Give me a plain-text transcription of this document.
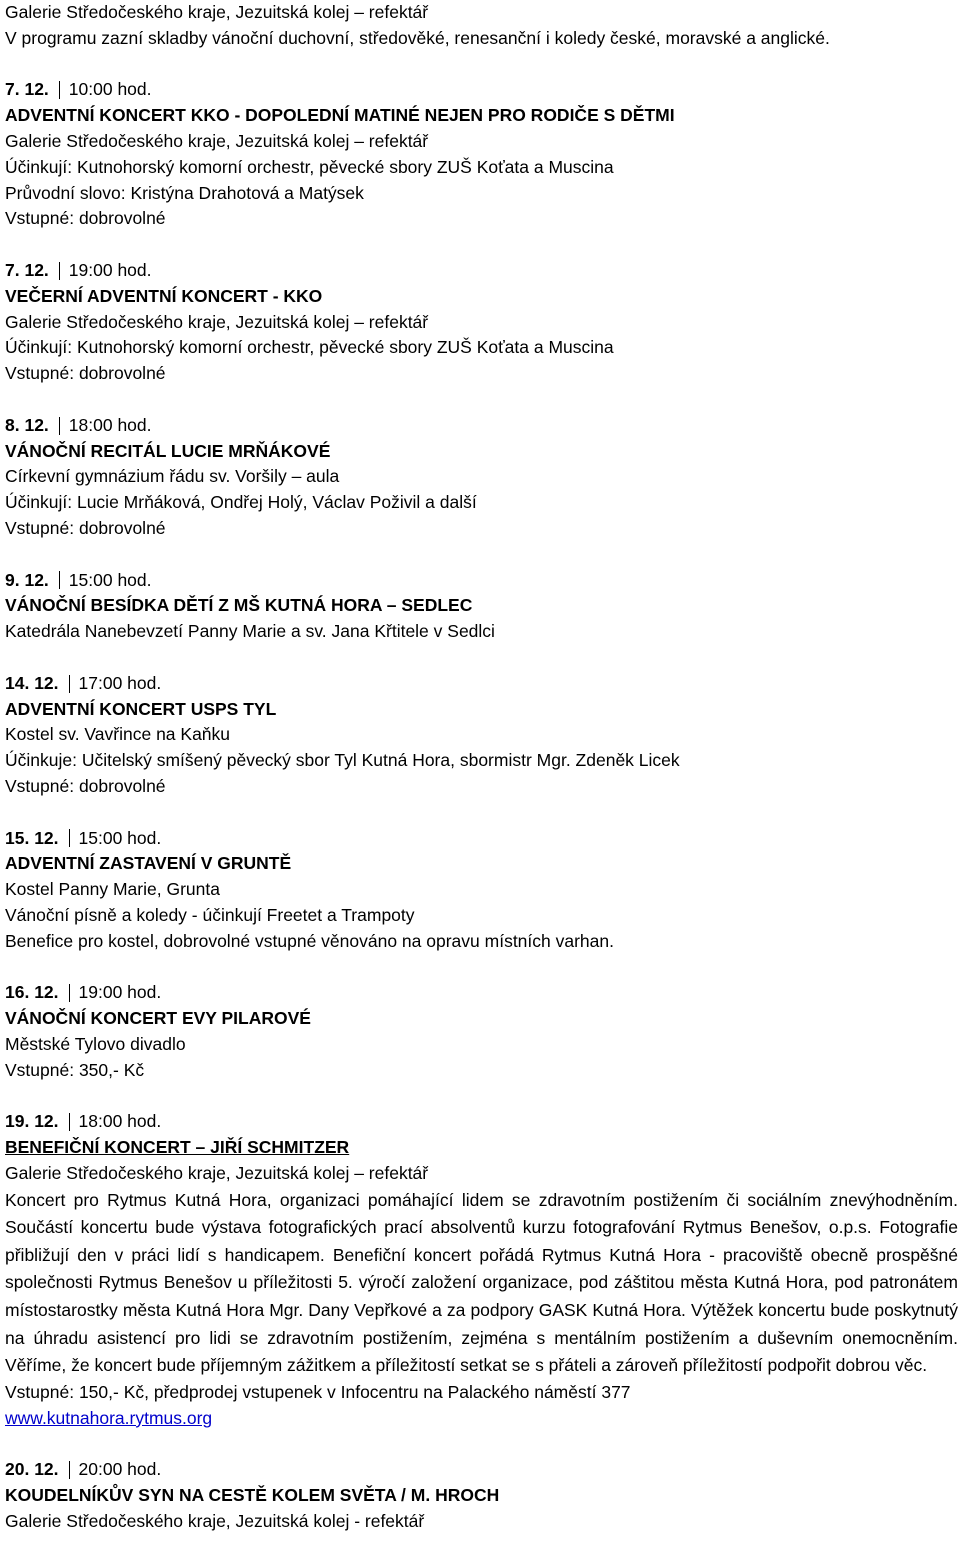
Galerie Středočeského kraje, Jezuitská kolej – refektář
V programu zazní skladby vánoční duchovní, středověké, renesanční i koledy české, moravské a anglické.
7. 12. 10:00 hod.
ADVENTNÍ KONCERT KKO - DOPOLEDNÍ MATINÉ NEJEN PRO RODIČE S DĚTMI
Galerie Středočeského kraje, Jezuitská kolej – refektář
Účinkují: Kutnohorský komorní orchestr, pěvecké sbory ZUŠ Koťata a Muscina
Průvodní slovo: Kristýna Drahotová a Matýsek
Vstupné: dobrovolné
7. 12. 19:00 hod.
VEČERNÍ ADVENTNÍ KONCERT - KKO
Galerie Středočeského kraje, Jezuitská kolej – refektář
Účinkují: Kutnohorský komorní orchestr, pěvecké sbory ZUŠ Koťata a Muscina
Vstupné: dobrovolné
8. 12. 18:00 hod.
VÁNOČNÍ RECITÁL LUCIE MRŇÁKOVÉ
Církevní gymnázium řádu sv. Voršily – aula
Účinkují: Lucie Mrňáková, Ondřej Holý, Václav Poživil a další
Vstupné: dobrovolné
9. 12. 15:00 hod.
VÁNOČNÍ BESÍDKA DĚTÍ Z MŠ KUTNÁ HORA – SEDLEC
Katedrála Nanebevzetí Panny Marie a sv. Jana Křtitele v Sedlci
14. 12. 17:00 hod.
ADVENTNÍ KONCERT USPS TYL
Kostel sv. Vavřince na Kaňku
Účinkuje: Učitelský smíšený pěvecký sbor Tyl Kutná Hora, sbormistr Mgr. Zdeněk Licek
Vstupné: dobrovolné
15. 12. 15:00 hod.
ADVENTNÍ ZASTAVENÍ V GRUNTĚ
Kostel Panny Marie, Grunta
Vánoční písně a koledy - účinkují Freetet a Trampoty
Benefice pro kostel, dobrovolné vstupné věnováno na opravu místních varhan.
16. 12. 19:00 hod.
VÁNOČNÍ KONCERT EVY PILAROVÉ
Městské Tylovo divadlo
Vstupné: 350,- Kč
19. 12. 18:00 hod.
BENEFIČNÍ KONCERT – JIŘÍ SCHMITZER
Galerie Středočeského kraje, Jezuitská kolej – refektář
Koncert pro Rytmus Kutná Hora, organizaci pomáhající lidem se zdravotním postižením či sociálním znevýhodněním. Součástí koncertu bude výstava fotografických prací absolventů kurzu fotografování Rytmus Benešov, o.p.s. Fotografie přibližují den v práci lidí s handicapem. Benefiční koncert pořádá Rytmus Kutná Hora - pracoviště obecně prospěšné společnosti Rytmus Benešov u příležitosti 5. výročí založení organizace, pod záštitou města Kutná Hora, pod patronátem místostarostky města Kutná Hora Mgr. Dany Vepřkové a za podpory GASK Kutná Hora. Výtěžek koncertu bude poskytnutý na úhradu asistencí pro lidi se zdravotním postižením, zejména s mentálním postižením a duševním onemocněním. Věříme, že koncert bude příjemným zážitkem a příležitostí setkat se s přáteli a zároveň příležitostí podpořit dobrou věc.
Vstupné: 150,- Kč, předprodej vstupenek v Infocentru na Palackého náměstí 377
www.kutnahora.rytmus.org
20. 12. 20:00 hod.
KOUDELNÍKŮV SYN NA CESTĚ KOLEM SVĚTA / M. HROCH
Galerie Středočeského kraje, Jezuitská kolej - refektář
